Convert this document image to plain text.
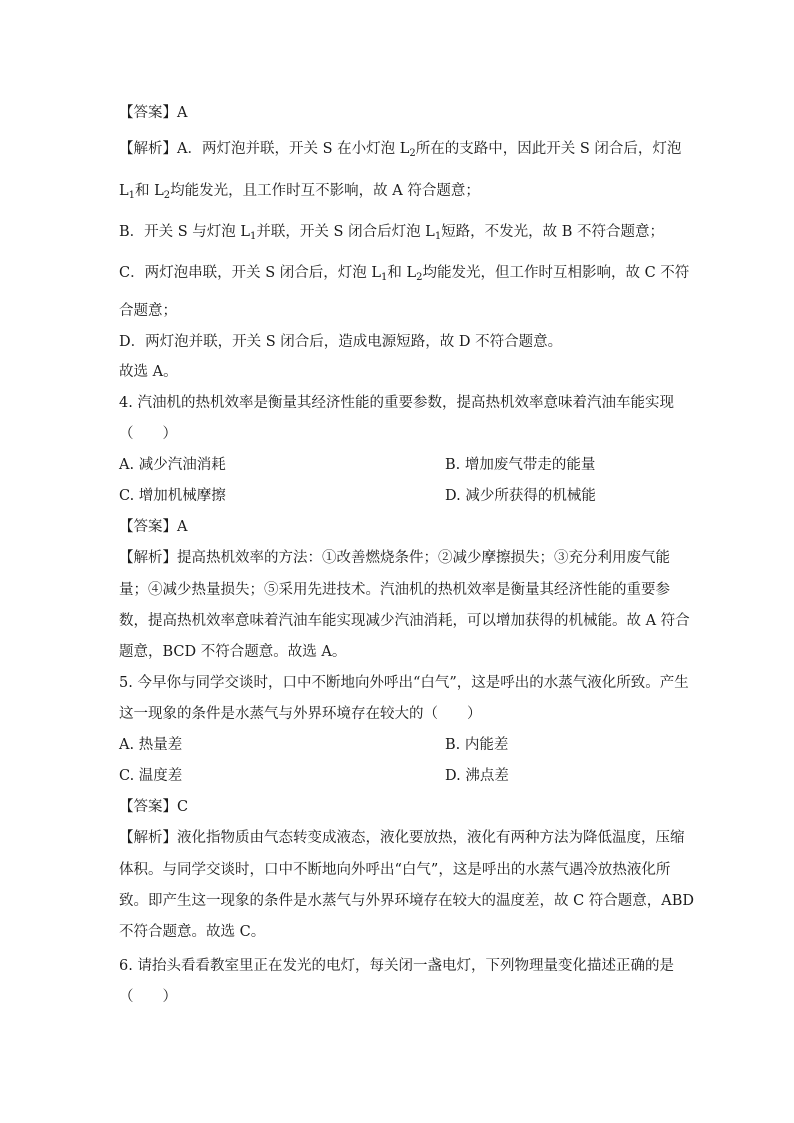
【答案】A
【解析】A．两灯泡并联，开关 S 在小灯泡 $L_2$所在的支路中，因此开关 S 闭合后，灯泡
$L_1$和 $L_2$均能发光，且工作时互不影响，故 A 符合题意；
B．开关 S 与灯泡 $L_1$并联，开关 S 闭合后灯泡 $L_1$短路，不发光，故 B 不符合题意；
C．两灯泡串联，开关 S 闭合后，灯泡 $L_1$和 $L_2$均能发光，但工作时互相影响，故 C 不符
合题意；
D．两灯泡并联，开关 S 闭合后，造成电源短路，故 D 不符合题意。
故选 A。
4. 汽油机的热机效率是衡量其经济性能的重要参数，提高热机效率意味着汽油车能实现
（　　）
A. 减少汽油消耗	B. 增加废气带走的能量
C. 增加机械摩擦	D. 减少所获得的机械能
【答案】A
【解析】提高热机效率的方法：①改善燃烧条件；②减少摩擦损失；③充分利用废气能
量；④减少热量损失；⑤采用先进技术。汽油机的热机效率是衡量其经济性能的重要参
数，提高热机效率意味着汽油车能实现减少汽油消耗，可以增加获得的机械能。故 A 符合
题意，BCD 不符合题意。故选 A。
5. 今早你与同学交谈时，口中不断地向外呼出“白气”，这是呼出的水蒸气液化所致。产生
这一现象的条件是水蒸气与外界环境存在较大的（　　）
A. 热量差	B. 内能差
C. 温度差	D. 沸点差
【答案】C
【解析】液化指物质由气态转变成液态，液化要放热，液化有两种方法为降低温度，压缩
体积。与同学交谈时，口中不断地向外呼出“白气”，这是呼出的水蒸气遇冷放热液化所
致。即产生这一现象的条件是水蒸气与外界环境存在较大的温度差，故 C 符合题意，ABD
不符合题意。故选 C。
6. 请抬头看看教室里正在发光的电灯，每关闭一盏电灯，下列物理量变化描述正确的是
（　　）
